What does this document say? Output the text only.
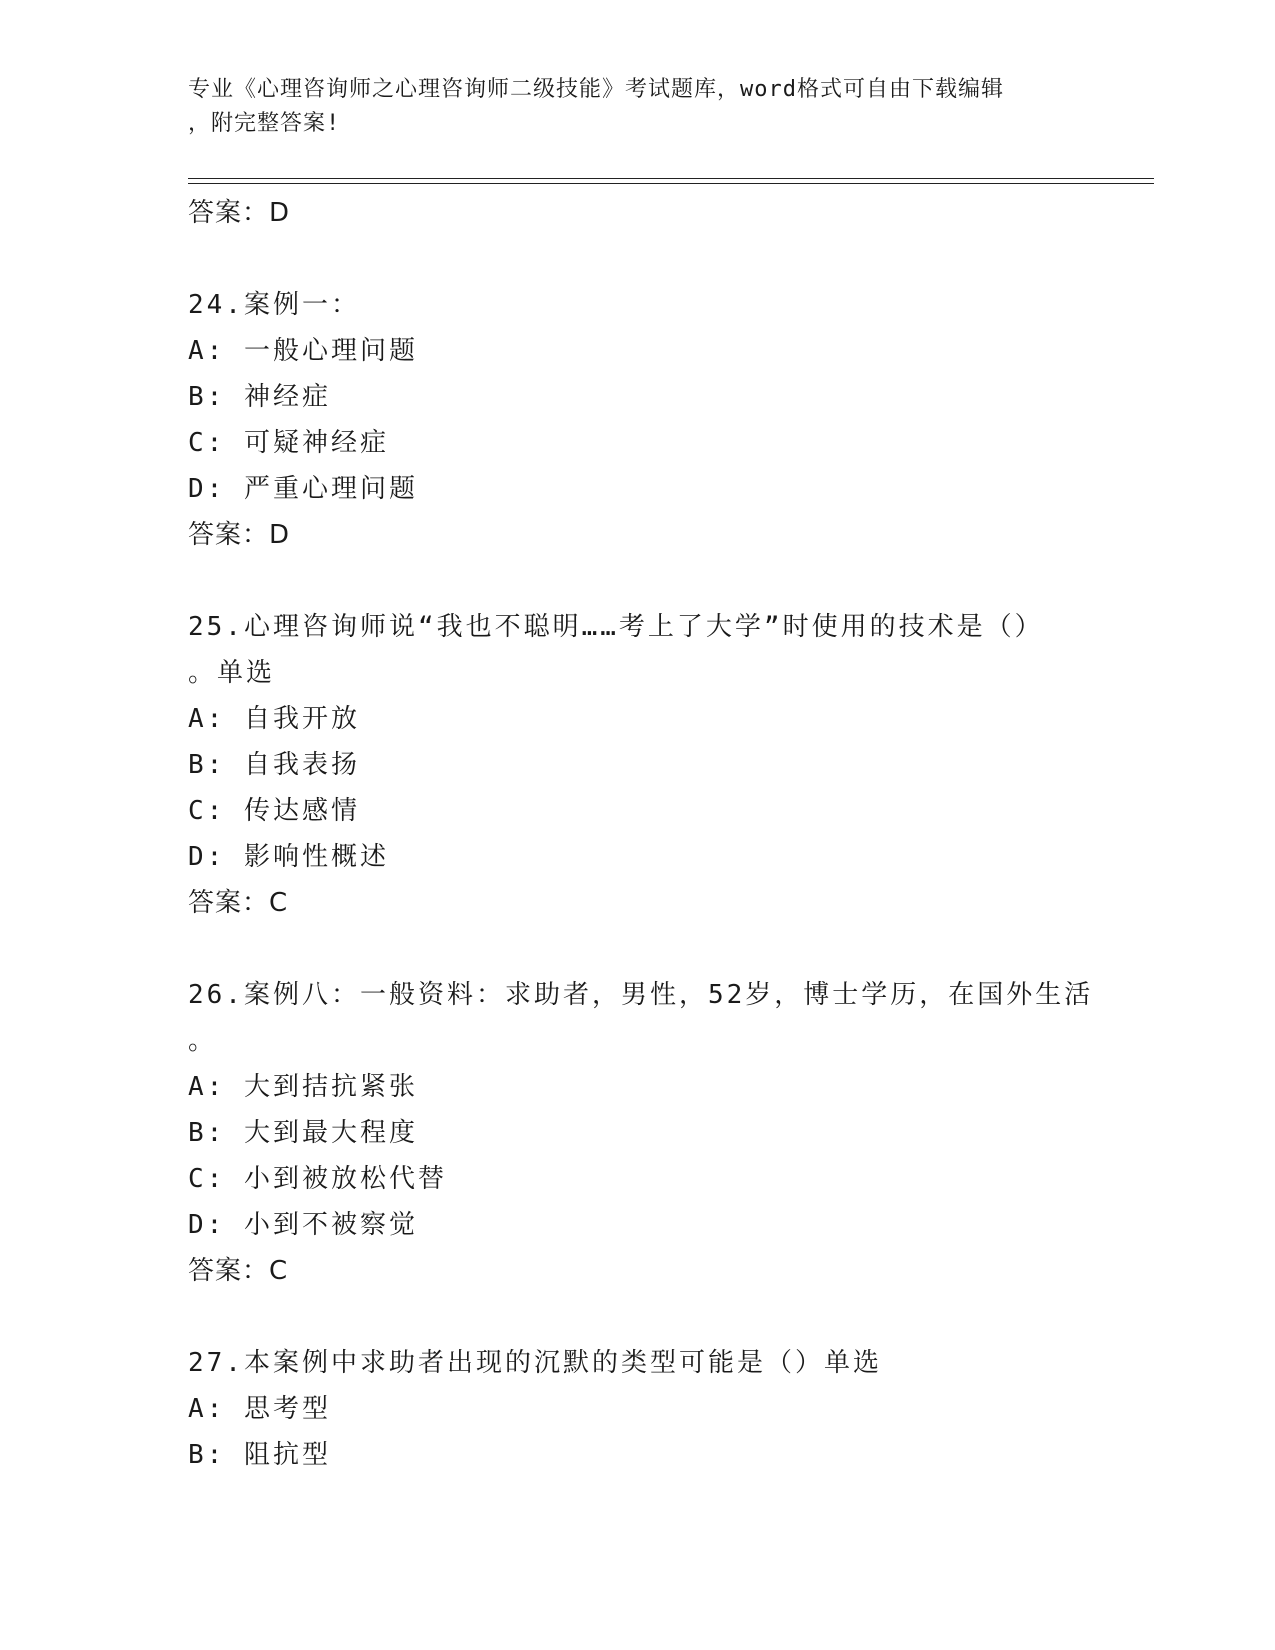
专业《心理咨询师之心理咨询师二级技能》考试题库，word格式可自由下载编辑
，附完整答案!
答案：D
24.案例一：
A: 一般心理问题
B: 神经症
C: 可疑神经症
D: 严重心理问题
答案：D
25.心理咨询师说“我也不聪明……考上了大学”时使用的技术是（）
。单选
A: 自我开放
B: 自我表扬
C: 传达感情
D: 影响性概述
答案：C
26.案例八：一般资料：求助者，男性，52岁，博士学历，在国外生活
。
A: 大到拮抗紧张
B: 大到最大程度
C: 小到被放松代替
D: 小到不被察觉
答案：C
27.本案例中求助者出现的沉默的类型可能是（）单选
A: 思考型
B: 阻抗型
